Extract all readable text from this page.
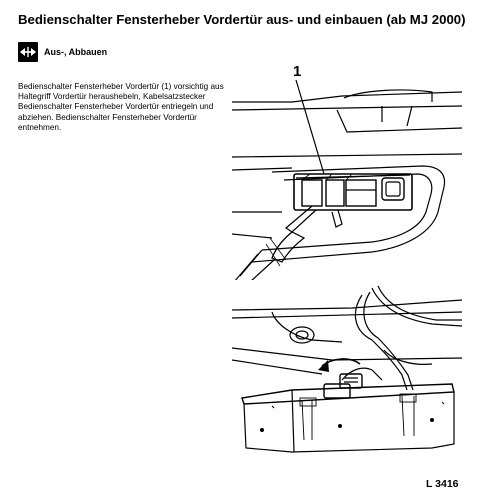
Bedienschalter Fensterheber Vordertür aus- und einbauen (ab MJ 2000)
Aus-, Abbauen
Bedienschalter Fensterheber Vordertür (1) vorsichtig aus Haltegriff Vordertür heraushebeln, Kabelsatzstecker Bedienschalter Fensterheber Vordertür entriegeln und abziehen. Bedienschalter Fensterheber Vordertür entnehmen.
1
L 3416
